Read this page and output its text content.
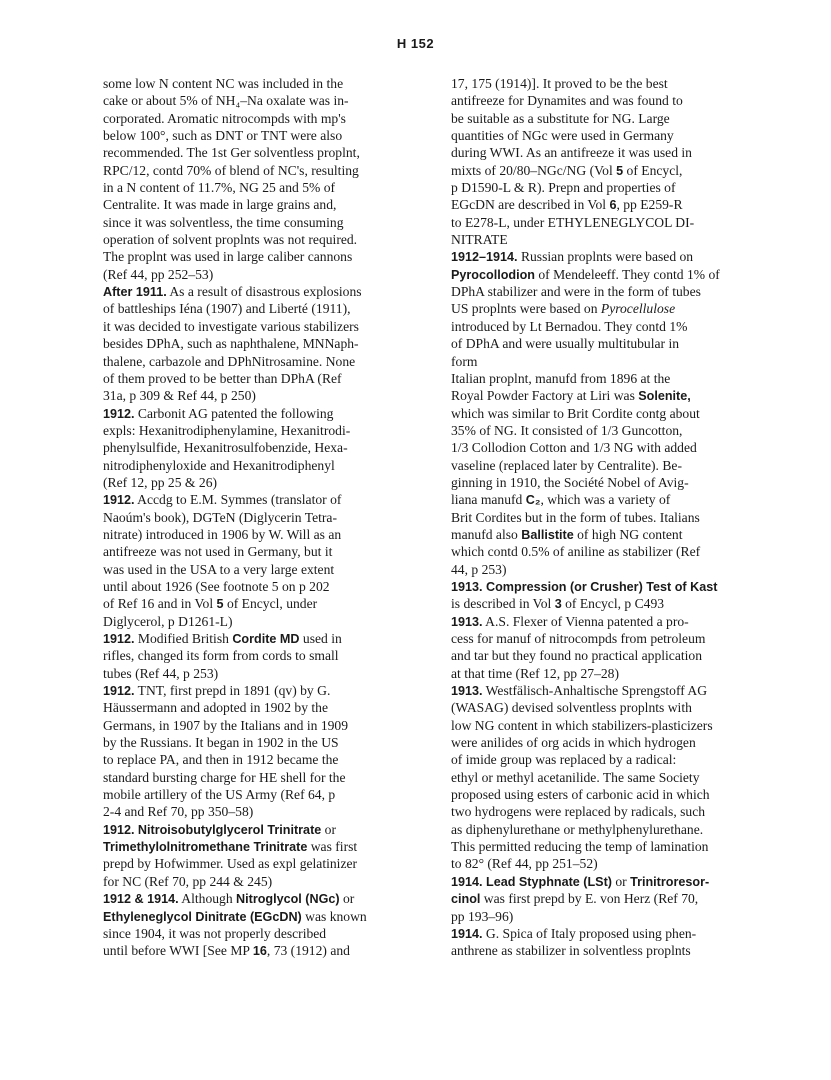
H 152
some low N content NC was included in the
cake or about 5% of NH₄–Na oxalate was in-
corporated. Aromatic nitrocompds with mp's
below 100°, such as DNT or TNT were also
recommended. The 1st Ger solventless proplnt,
RPC/12, contd 70% of blend of NC's, resulting
in a N content of 11.7%, NG 25 and 5% of
Centralite. It was made in large grains and,
since it was solventless, the time consuming
operation of solvent proplnts was not required.
The proplnt was used in large caliber cannons
(Ref 44, pp 252–53)
After 1911. As a result of disastrous explosions
of battleships Iéna (1907) and Liberté (1911),
it was decided to investigate various stabilizers
besides DPhA, such as naphthalene, MNNaph-
thalene, carbazole and DPhNitrosamine. None
of them proved to be better than DPhA (Ref
31a, p 309 & Ref 44, p 250)
1912. Carbonit AG patented the following
expls: Hexanitrodiphenylamine, Hexanitrodi-
phenylsulfide, Hexanitrosulfobenzide, Hexa-
nitrodiphenyloxide and Hexanitrodiphenyl
(Ref 12, pp 25 & 26)
1912. Accdg to E.M. Symmes (translator of
Naoúm's book), DGTeN (Diglycerin Tetra-
nitrate) introduced in 1906 by W. Will as an
antifreeze was not used in Germany, but it
was used in the USA to a very large extent
until about 1926 (See footnote 5 on p 202
of Ref 16 and in Vol 5 of Encycl, under
Diglycerol, p D1261-L)
1912. Modified British Cordite MD used in
rifles, changed its form from cords to small
tubes (Ref 44, p 253)
1912. TNT, first prepd in 1891 (qv) by G.
Häussermann and adopted in 1902 by the
Germans, in 1907 by the Italians and in 1909
by the Russians. It began in 1902 in the US
to replace PA, and then in 1912 became the
standard bursting charge for HE shell for the
mobile artillery of the US Army (Ref 64, p
2-4 and Ref 70, pp 350–58)
1912. Nitroisobutylglycerol Trinitrate or
Trimethylolnitromethane Trinitrate was first
prepd by Hofwimmer. Used as expl gelatinizer
for NC (Ref 70, pp 244 & 245)
1912 & 1914. Although Nitroglycol (NGc) or
Ethyleneglycol Dinitrate (EGcDN) was known
since 1904, it was not properly described
until before WWI [See MP 16, 73 (1912) and
17, 175 (1914)]. It proved to be the best
antifreeze for Dynamites and was found to
be suitable as a substitute for NG. Large
quantities of NGc were used in Germany
during WWI. As an antifreeze it was used in
mixts of 20/80–NGc/NG (Vol 5 of Encycl,
p D1590-L & R). Prepn and properties of
EGcDN are described in Vol 6, pp E259-R
to E278-L, under ETHYLENEGLYCOL DI-
NITRATE
1912–1914. Russian proplnts were based on
Pyrocollodion of Mendeleeff. They contd 1% of
DPhA stabilizer and were in the form of tubes
US proplnts were based on Pyrocellulose
introduced by Lt Bernadou. They contd 1%
of DPhA and were usually multitubular in
form
Italian proplnt, manufd from 1896 at the
Royal Powder Factory at Liri was Solenite,
which was similar to Brit Cordite contg about
35% of NG. It consisted of 1/3 Guncotton,
1/3 Collodion Cotton and 1/3 NG with added
vaseline (replaced later by Centralite). Be-
ginning in 1910, the Société Nobel of Avig-
liana manufd C₂, which was a variety of
Brit Cordites but in the form of tubes. Italians
manufd also Ballistite of high NG content
which contd 0.5% of aniline as stabilizer (Ref
44, p 253)
1913. Compression (or Crusher) Test of Kast
is described in Vol 3 of Encycl, p C493
1913. A.S. Flexer of Vienna patented a pro-
cess for manuf of nitrocompds from petroleum
and tar but they found no practical application
at that time (Ref 12, pp 27–28)
1913. Westfälisch-Anhaltische Sprengstoff AG
(WASAG) devised solventless proplnts with
low NG content in which stabilizers-plasticizers
were anilides of org acids in which hydrogen
of imide group was replaced by a radical:
ethyl or methyl acetanilide. The same Society
proposed using esters of carbonic acid in which
two hydrogens were replaced by radicals, such
as diphenylurethane or methylphenylurethane.
This permitted reducing the temp of lamination
to 82° (Ref 44, pp 251–52)
1914. Lead Styphnate (LSt) or Trinitroresor-
cinol was first prepd by E. von Herz (Ref 70,
pp 193–96)
1914. G. Spica of Italy proposed using phen-
anthrene as stabilizer in solventless proplnts
